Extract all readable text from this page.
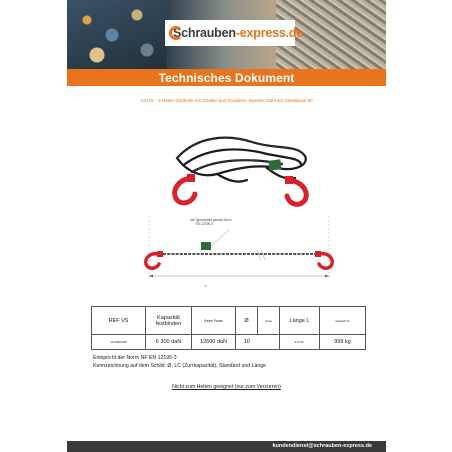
Schrauben-express.de
Technisches Dokument
V3170 – 2-Haken-Zurrkette mit Schäkel und Karabiner, legierter Stahl der Güteklasse 80
mit Typenschild gemäß Norm
EN 12195-3
L
REF VS	Kapazität festbinden	Kleine Pause	Ø	Kette	Länge L	Gewicht %
1170000029	6 300 daN	12600 daN	10		3,5 Mtr.	998 kg
Entspricht der Norm NF EN 12195-3
Kennzeichnung auf dem Schild: Ø, LC (Zurrkapazität), Standard und Länge
Nicht zum Heben geeignet (nur zum Verzurren)
kundendienst@schrauben-express.de
